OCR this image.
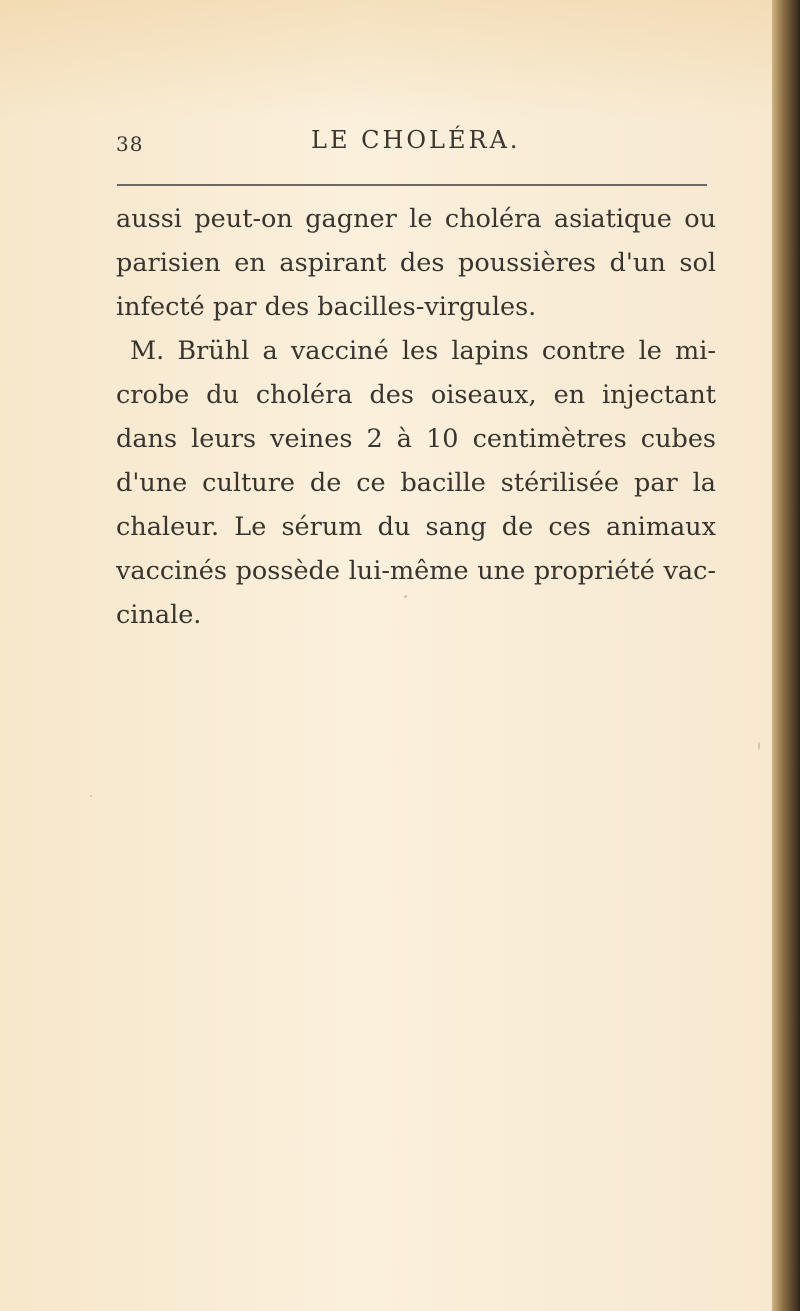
38	LE CHOLÉRA.
aussi peut-on gagner le choléra asiatique ou
parisien en aspirant des poussières d'un sol
infecté par des bacilles-virgules.
M. Brühl a vacciné les lapins contre le mi-
crobe du choléra des oiseaux, en injectant
dans leurs veines 2 à 10 centimètres cubes
d'une culture de ce bacille stérilisée par la
chaleur. Le sérum du sang de ces animaux
vaccinés possède lui-même une propriété vac-
cinale.
